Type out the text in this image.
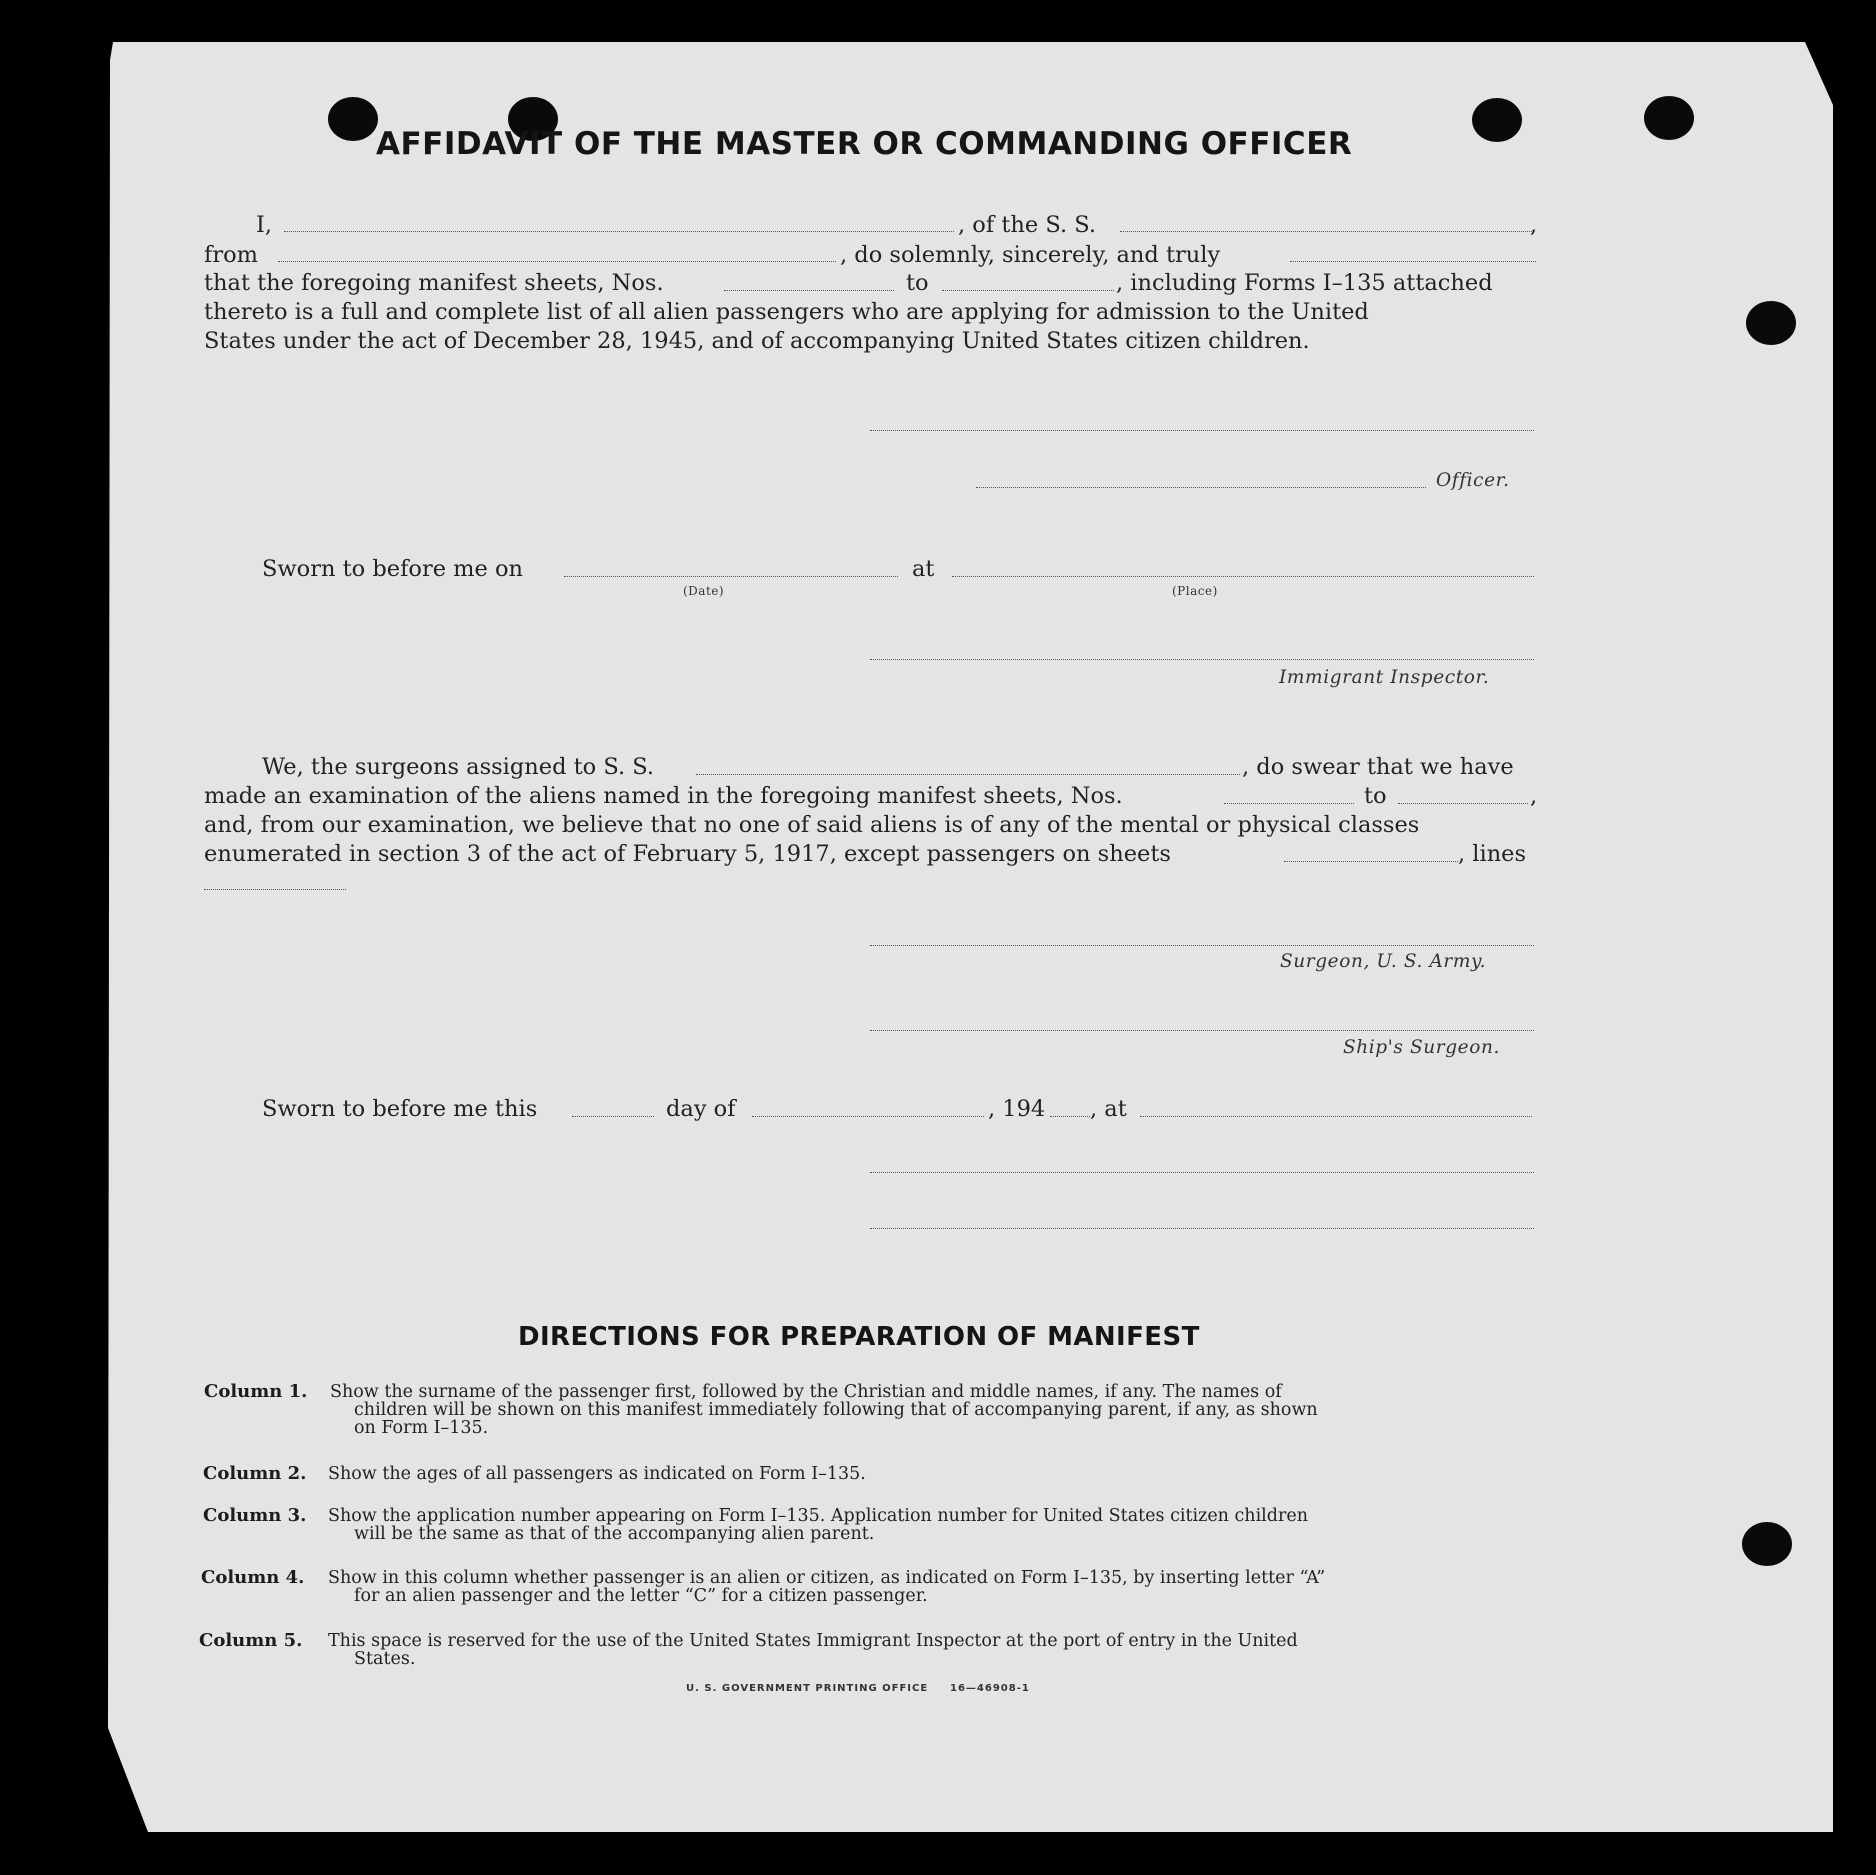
AFFIDAVIT OF THE MASTER OR COMMANDING OFFICER
I,	, of the S. S.	,
from	, do solemnly, sincerely, and truly
that the foregoing manifest sheets, Nos.	to	, including Forms I–135 attached
thereto is a full and complete list of all alien passengers who are applying for admission to the United
States under the act of December 28, 1945, and of accompanying United States citizen children.
Officer.
Sworn to before me on	at
(Date)	(Place)
Immigrant Inspector.
We, the surgeons assigned to S. S.	, do swear that we have
made an examination of the aliens named in the foregoing manifest sheets, Nos.	to	,
and, from our examination, we believe that no one of said aliens is of any of the mental or physical classes
enumerated in section 3 of the act of February 5, 1917, except passengers on sheets	, lines
Surgeon, U. S. Army.
Ship's Surgeon.
Sworn to before me this	day of	, 194 , at
DIRECTIONS FOR PREPARATION OF MANIFEST
Column 1. Show the surname of the passenger first, followed by the Christian and middle names, if any. The names of
children will be shown on this manifest immediately following that of accompanying parent, if any, as shown
on Form I–135.
Column 2. Show the ages of all passengers as indicated on Form I–135.
Column 3. Show the application number appearing on Form I–135. Application number for United States citizen children
will be the same as that of the accompanying alien parent.
Column 4. Show in this column whether passenger is an alien or citizen, as indicated on Form I–135, by inserting letter “A”
for an alien passenger and the letter “C” for a citizen passenger.
Column 5. This space is reserved for the use of the United States Immigrant Inspector at the port of entry in the United
States.
U. S. GOVERNMENT PRINTING OFFICE 16—46908-1
